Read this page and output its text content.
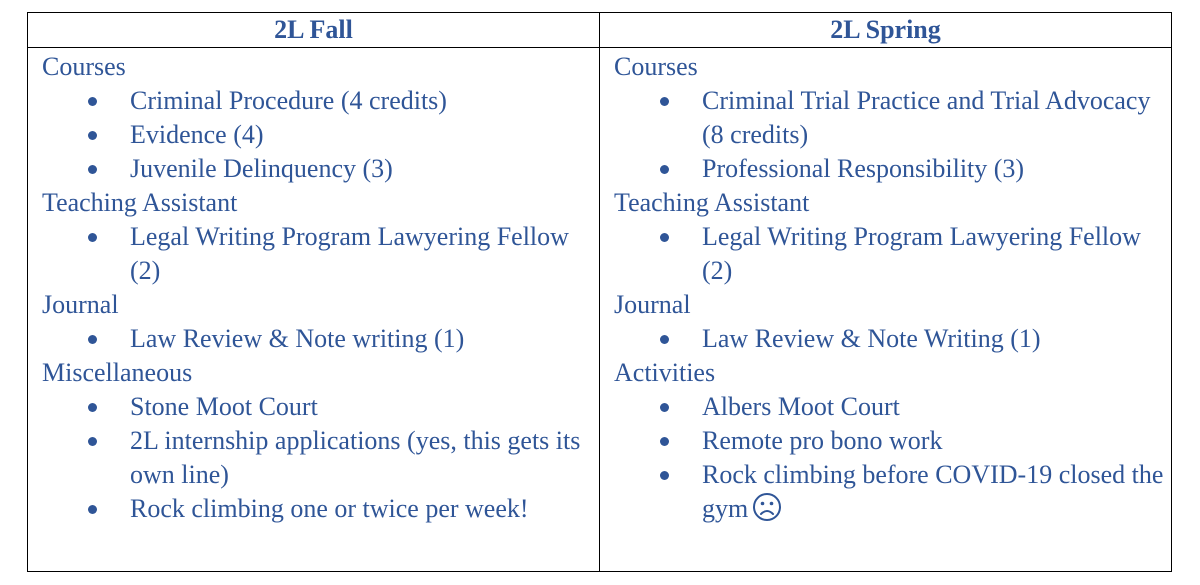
2L Fall
Courses
Criminal Procedure (4 credits)
Evidence (4)
Juvenile Delinquency (3)
Teaching Assistant
Legal Writing Program Lawyering Fellow (2)
Journal
Law Review & Note writing (1)
Miscellaneous
Stone Moot Court
2L internship applications (yes, this gets its own line)
Rock climbing one or twice per week!
2L Spring
Courses
Criminal Trial Practice and Trial Advocacy (8 credits)
Professional Responsibility (3)
Teaching Assistant
Legal Writing Program Lawyering Fellow (2)
Journal
Law Review & Note Writing (1)
Activities
Albers Moot Court
Remote pro bono work
Rock climbing before COVID-19 closed the gym
